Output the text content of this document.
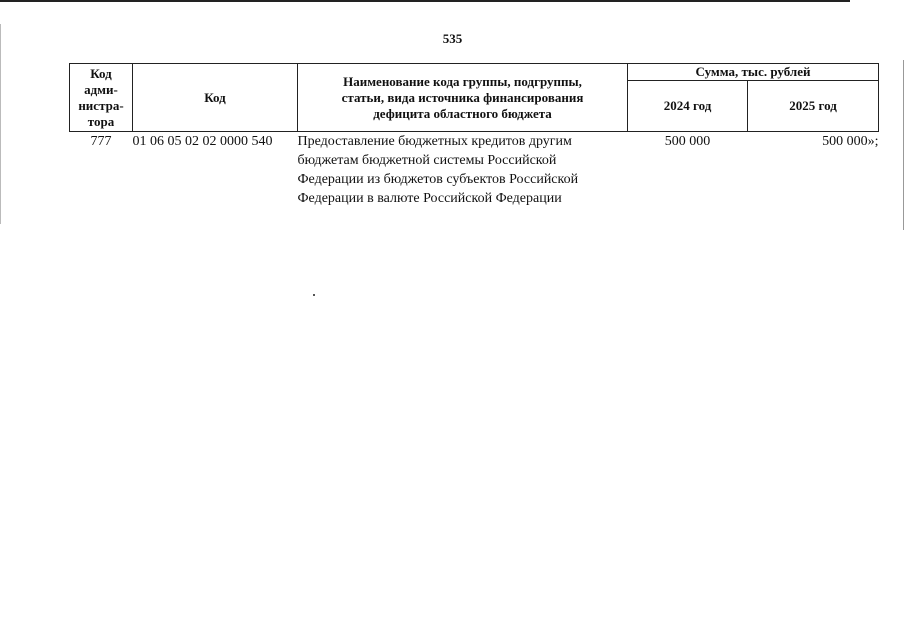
535
Код
адми-
нистра-
тора	Код	Наименование кода группы, подгруппы,
статьи, вида источника финансирования
дефицита областного бюджета	Сумма, тыс. рублей	
			2024 год	2025 год
777	01 06 05 02 02 0000 540	Предоставление бюджетных кредитов другим
бюджетам бюджетной системы Российской
Федерации из бюджетов субъектов Российской
Федерации в валюте Российской Федерации	500 000	500 000»;
